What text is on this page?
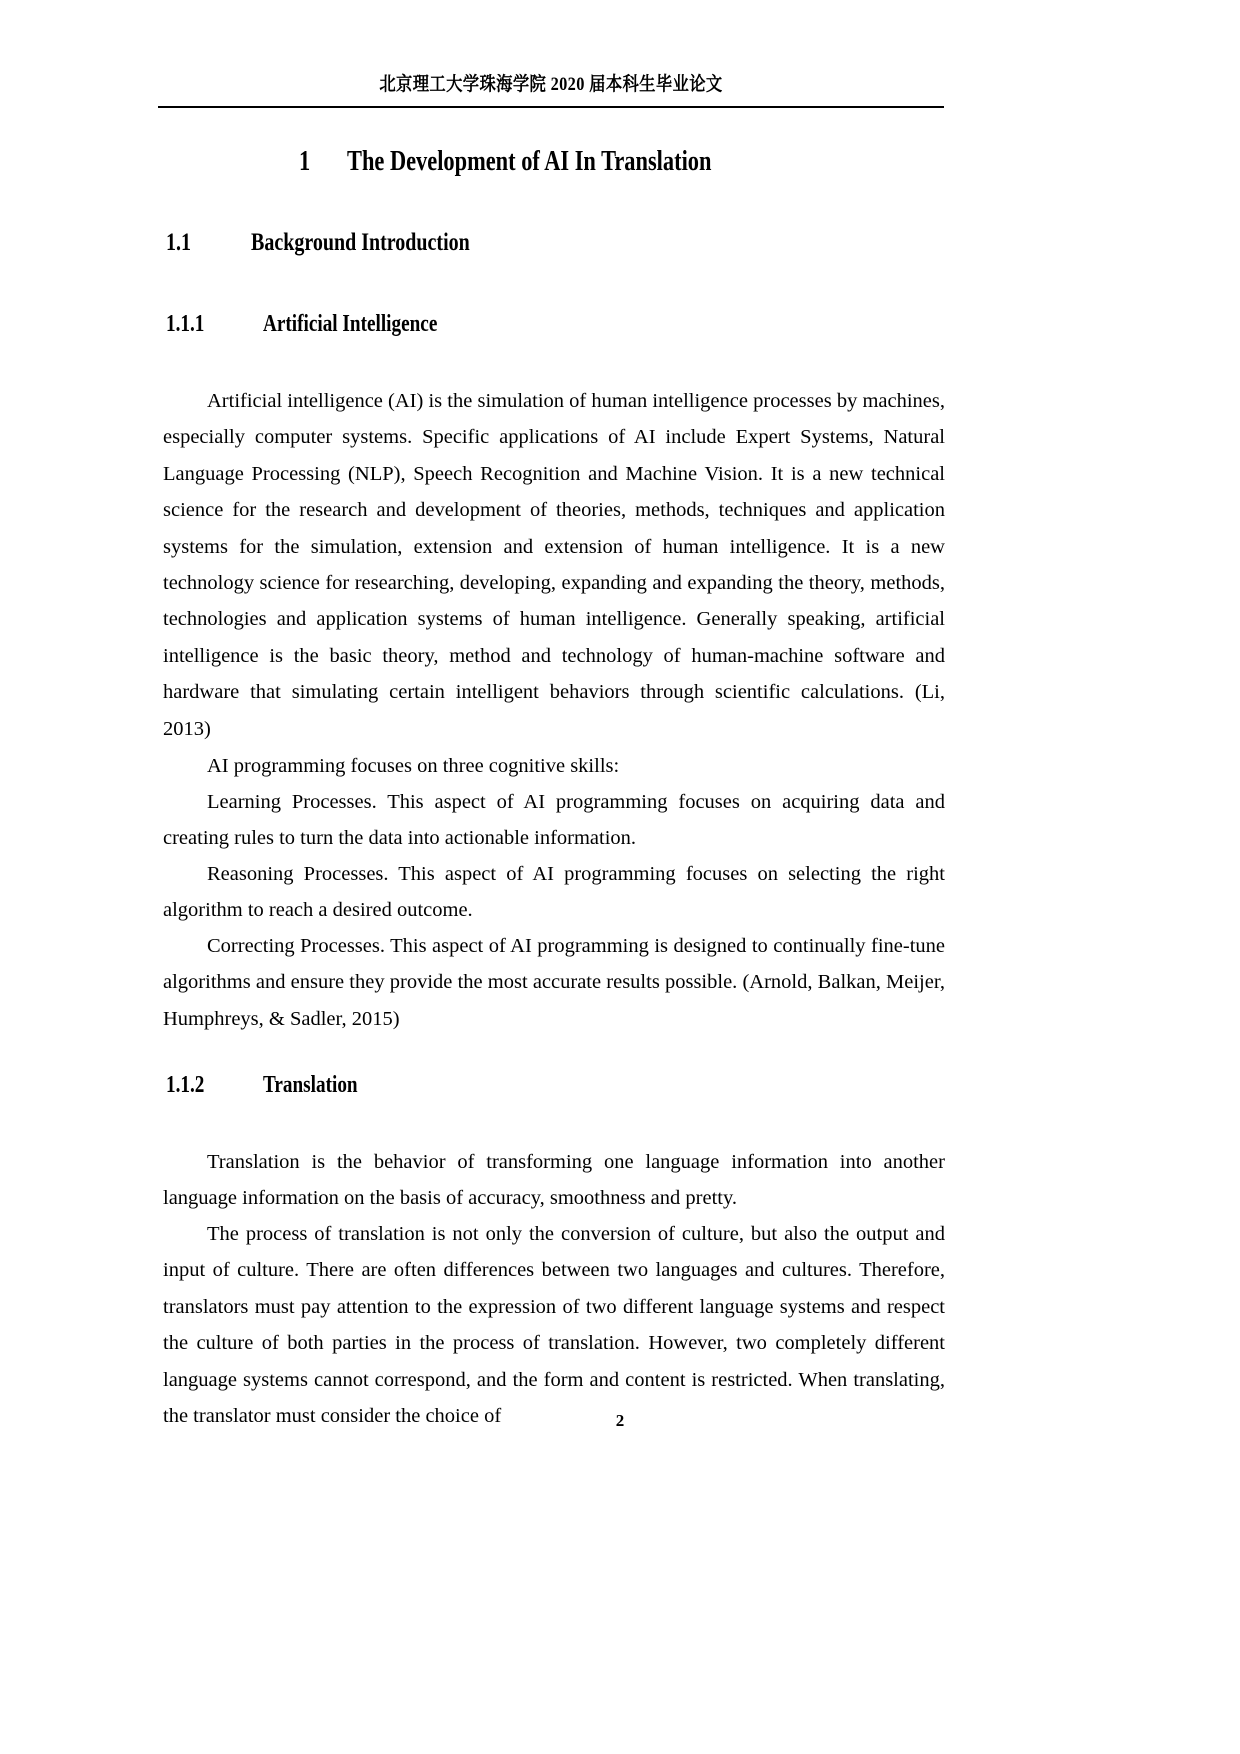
北京理工大学珠海学院 2020 届本科生毕业论文
1 The Development of AI In Translation
1.1 Background Introduction
1.1.1 Artificial Intelligence

Artificial intelligence (AI) is the simulation of human intelligence processes by machines, especially computer systems. Specific applications of AI include Expert Systems, Natural Language Processing (NLP), Speech Recognition and Machine Vision. It is a new technical science for the research and development of theories, methods, techniques and application systems for the simulation, extension and extension of human intelligence. It is a new technology science for researching, developing, expanding and expanding the theory, methods, technologies and application systems of human intelligence. Generally speaking, artificial intelligence is the basic theory, method and technology of human-machine software and hardware that simulating certain intelligent behaviors through scientific calculations. (Li, 2013)

AI programming focuses on three cognitive skills:

Learning Processes. This aspect of AI programming focuses on acquiring data and creating rules to turn the data into actionable information.

Reasoning Processes. This aspect of AI programming focuses on selecting the right algorithm to reach a desired outcome.

Correcting Processes. This aspect of AI programming is designed to continually fine-tune algorithms and ensure they provide the most accurate results possible. (Arnold, Balkan, Meijer, Humphreys, & Sadler, 2015)

1.1.2 Translation

Translation is the behavior of transforming one language information into another language information on the basis of accuracy, smoothness and pretty.

The process of translation is not only the conversion of culture, but also the output and input of culture. There are often differences between two languages and cultures. Therefore, translators must pay attention to the expression of two different language systems and respect the culture of both parties in the process of translation. However, two completely different language systems cannot correspond, and the form and content is restricted. When translating, the translator must consider the choice of	2
